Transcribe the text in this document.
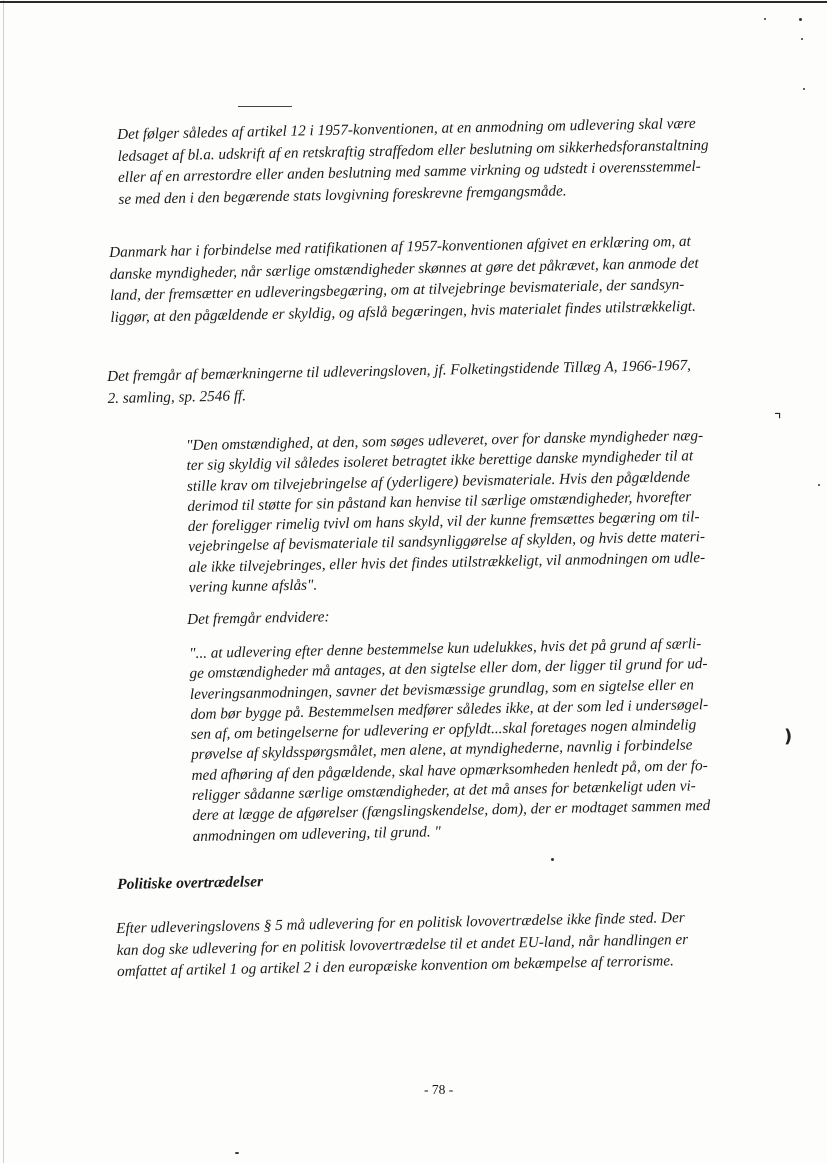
⌝
)

Det følger således af artikel 12 i 1957-konventionen, at en anmodning om udlevering skal være
ledsaget af bl.a. udskrift af en retskraftig straffedom eller beslutning om sikkerhedsforanstaltning
eller af en arrestordre eller anden beslutning med samme virkning og udstedt i overensstemmel-
se med den i den begærende stats lovgivning foreskrevne fremgangsmåde.

Danmark har i forbindelse med ratifikationen af 1957-konventionen afgivet en erklæring om, at
danske myndigheder, når særlige omstændigheder skønnes at gøre det påkrævet, kan anmode det
land, der fremsætter en udleveringsbegæring, om at tilvejebringe bevismateriale, der sandsyn-
liggør, at den pågældende er skyldig, og afslå begæringen, hvis materialet findes utilstrækkeligt.

Det fremgår af bemærkningerne til udleveringsloven, jf. Folketingstidende Tillæg A, 1966-1967,
2. samling, sp. 2546 ff.

"Den omstændighed, at den, som søges udleveret, over for danske myndigheder næg-
ter sig skyldig vil således isoleret betragtet ikke berettige danske myndigheder til at
stille krav om tilvejebringelse af (yderligere) bevismateriale. Hvis den pågældende
derimod til støtte for sin påstand kan henvise til særlige omstændigheder, hvorefter
der foreligger rimelig tvivl om hans skyld, vil der kunne fremsættes begæring om til-
vejebringelse af bevismateriale til sandsynliggørelse af skylden, og hvis dette materi-
ale ikke tilvejebringes, eller hvis det findes utilstrækkeligt, vil anmodningen om udle-
vering kunne afslås".

Det fremgår endvidere:

"... at udlevering efter denne bestemmelse kun udelukkes, hvis det på grund af særli-
ge omstændigheder må antages, at den sigtelse eller dom, der ligger til grund for ud-
leveringsanmodningen, savner det bevismæssige grundlag, som en sigtelse eller en
dom bør bygge på. Bestemmelsen medfører således ikke, at der som led i undersøgel-
sen af, om betingelserne for udlevering er opfyldt...skal foretages nogen almindelig
prøvelse af skyldsspørgsmålet, men alene, at myndighederne, navnlig i forbindelse
med afhøring af den pågældende, skal have opmærksomheden henledt på, om der fo-
religger sådanne særlige omstændigheder, at det må anses for betænkeligt uden vi-
dere at lægge de afgørelser (fængslingskendelse, dom), der er modtaget sammen med
anmodningen om udlevering, til grund. "

Politiske overtrædelser

Efter udleveringslovens § 5 må udlevering for en politisk lovovertrædelse ikke finde sted. Der
kan dog ske udlevering for en politisk lovovertrædelse til et andet EU-land, når handlingen er
omfattet af artikel 1 og artikel 2 i den europæiske konvention om bekæmpelse af terrorisme.

- 78 -
